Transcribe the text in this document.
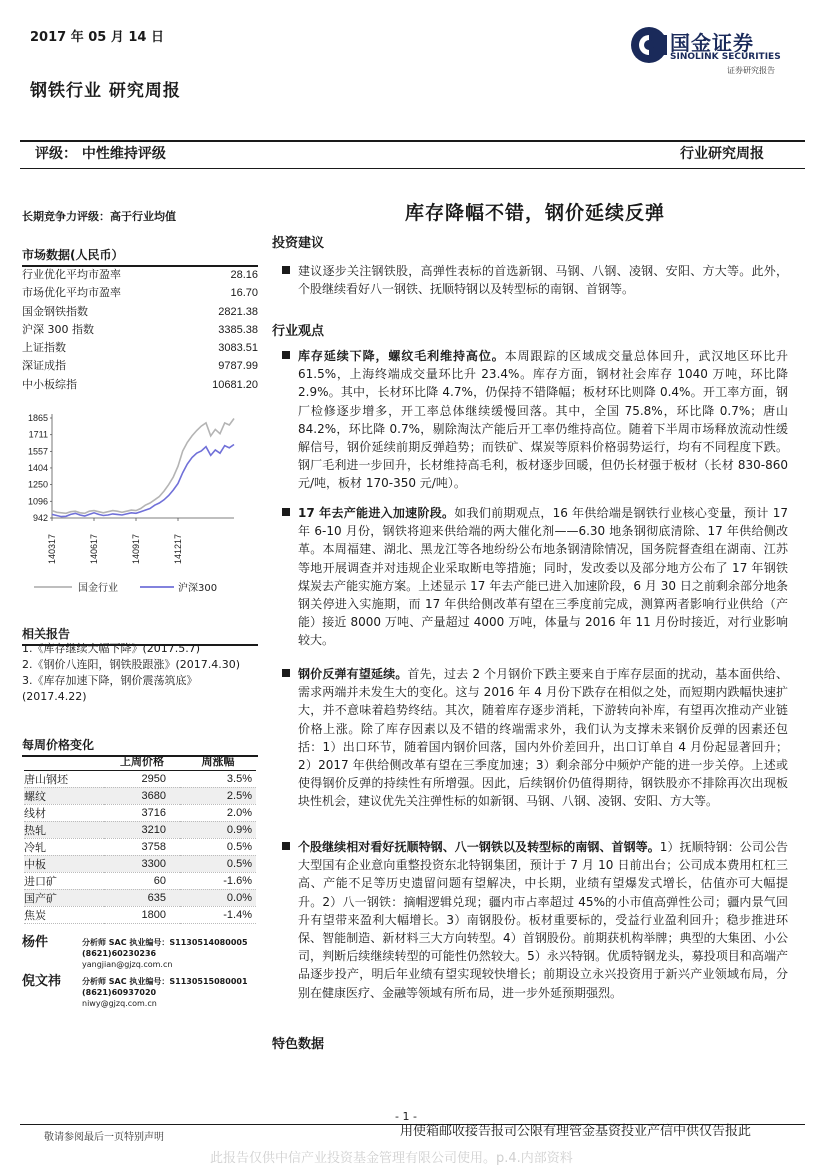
2017 年 05 月 14 日
钢铁行业 研究周报
国金证券
SINOLINK SECURITIES
证券研究报告
评级： 中性维持评级	行业研究周报
长期竞争力评级：高于行业均值
市场数据(人民币）
行业优化平均市盈率	28.16
市场优化平均市盈率	16.70
国金钢铁指数	2821.38
沪深 300 指数	3385.38
上证指数	3083.51
深证成指	9787.99
中小板综指	10681.20
942
1096
1250
1404
1557
1711
1865
140317	140617	140917	141217
国金行业	沪深300
相关报告
1.《库存继续大幅下降》(2017.5.7)
2.《钢价八连阳，钢铁股跟涨》(2017.4.30)
3.《库存加速下降，钢价震荡筑底》(2017.4.22)
每周价格变化
	上周价格	周涨幅
唐山钢坯	2950	3.5%
螺纹	3680	2.5%
线材	3716	2.0%
热轧	3210	0.9%
冷轧	3758	0.5%
中板	3300	0.5%
进口矿	60	-1.6%
国产矿	635	0.0%
焦炭	1800	-1.4%
杨件	分析师 SAC 执业编号：S1130514080005
(8621)60230236
yangjian@gjzq.com.cn
倪文祎	分析师 SAC 执业编号：S1130515080001
(8621)60937020
niwy@gjzq.com.cn
库存降幅不错，钢价延续反弹
投资建议
建议逐步关注钢铁股，高弹性表标的首选新钢、马钢、八钢、凌钢、安阳、方大等。此外，个股继续看好八一钢铁、抚顺特钢以及转型标的南钢、首钢等。
行业观点
库存延续下降，螺纹毛利维持高位。本周跟踪的区域成交量总体回升，武汉地区环比升 61.5%，上海终端成交量环比升 23.4%。库存方面，钢材社会库存 1040 万吨，环比降 2.9%。其中，长材环比降 4.7%，仍保持不错降幅；板材环比则降 0.4%。开工率方面，钢厂检修逐步增多，开工率总体继续缓慢回落。其中，全国 75.8%，环比降 0.7%；唐山 84.2%，环比降 0.7%，剔除淘汰产能后开工率仍维持高位。随着下半周市场释放流动性缓解信号，钢价延续前期反弹趋势；而铁矿、煤炭等原料价格弱势运行，均有不同程度下跌。钢厂毛利进一步回升，长材维持高毛利，板材逐步回暖，但仍长材强于板材（长材 830-860 元/吨，板材 170-350 元/吨）。
17 年去产能进入加速阶段。如我们前期观点，16 年供给端是钢铁行业核心变量，预计 17 年 6-10 月份，钢铁将迎来供给端的两大催化剂——6.30 地条钢彻底清除、17 年供给侧改革。本周福建、湖北、黑龙江等各地纷纷公布地条钢清除情况，国务院督查组在湖南、江苏等地开展调查并对违规企业采取断电等措施；同时，发改委以及部分地方公布了 17 年钢铁煤炭去产能实施方案。上述显示 17 年去产能已进入加速阶段，6 月 30 日之前剩余部分地条钢关停进入实施期，而 17 年供给侧改革有望在三季度前完成，测算两者影响行业供给（产能）接近 8000 万吨、产量超过 4000 万吨，体量与 2016 年 11 月份时接近，对行业影响较大。
钢价反弹有望延续。首先，过去 2 个月钢价下跌主要来自于库存层面的扰动，基本面供给、需求两端并未发生大的变化。这与 2016 年 4 月份下跌存在相似之处，而短期内跌幅快速扩大，并不意味着趋势终结。其次，随着库存逐步消耗，下游转向补库，有望再次推动产业链价格上涨。除了库存因素以及不错的终端需求外，我们认为支撑未来钢价反弹的因素还包括：1）出口环节，随着国内钢价回落，国内外价差回升，出口订单自 4 月份起显著回升；2）2017 年供给侧改革有望在三季度加速；3）剩余部分中频炉产能的进一步关停。上述或使得钢价反弹的持续性有所增强。因此，后续钢价仍值得期待，钢铁股亦不排除再次出现板块性机会，建议优先关注弹性标的如新钢、马钢、八钢、凌钢、安阳、方大等。
个股继续相对看好抚顺特钢、八一钢铁以及转型标的南钢、首钢等。1）抚顺特钢：公司公告大型国有企业意向重整投资东北特钢集团，预计于 7 月 10 日前出台；公司成本费用杠杠三高、产能不足等历史遗留问题有望解决，中长期，业绩有望爆发式增长，估值亦可大幅提升。2）八一钢铁：摘帽逻辑兑现；疆内市占率超过 45%的小市值高弹性公司；疆内景气回升有望带来盈利大幅增长。3）南钢股份。板材重要标的，受益行业盈利回升；稳步推进环保、智能制造、新材料三大方向转型。4）首钢股份。前期获机构举牌；典型的大集团、小公司，判断后续继续转型的可能性仍然较大。5）永兴特钢。优质特钢龙头，募投项目和高端产品逐步投产，明后年业绩有望实现较快增长；前期设立永兴投资用于新兴产业领域布局，分别在健康医疗、金融等领域有所布局，进一步外延预期强烈。
特色数据
- 1 -
敬请参阅最后一页特别声明	用使箱邮收接告报司公限有理管金基资投业产信中供仅告报此
此报告仅供中信产业投资基金管理有限公司使用。p.4.内部资料
